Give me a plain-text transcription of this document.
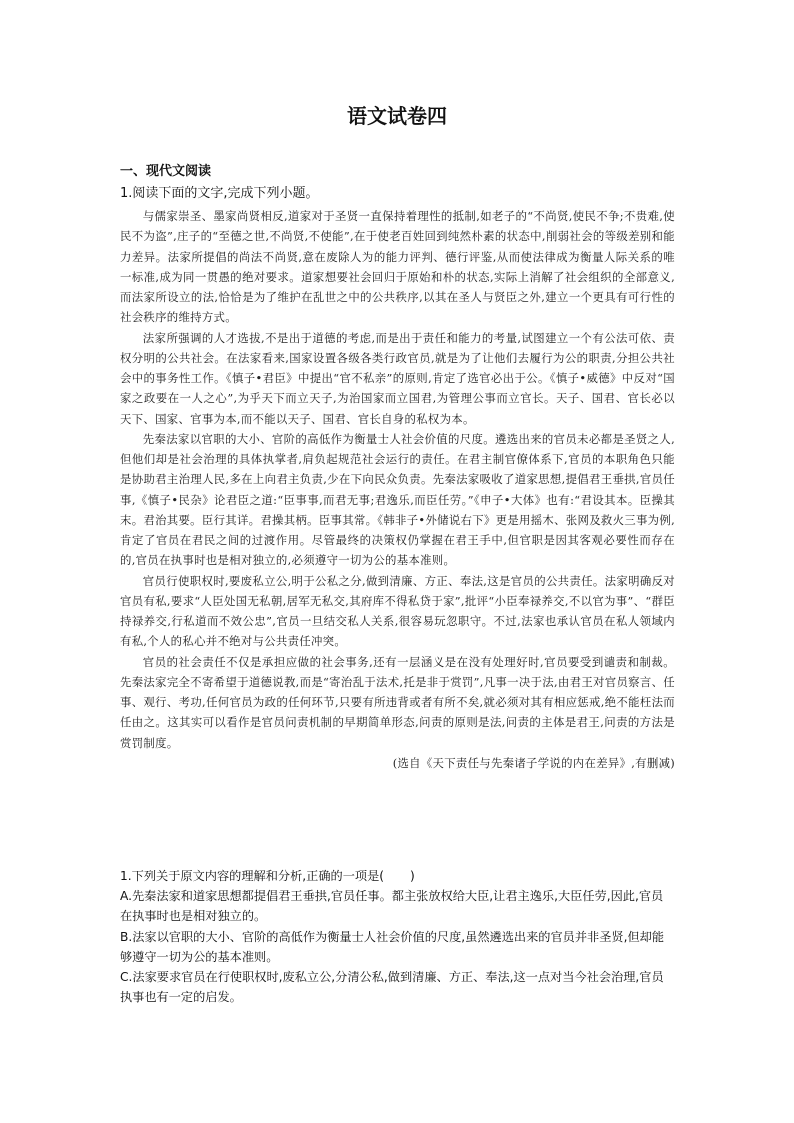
语文试卷四
一、现代文阅读
1.阅读下面的文字,完成下列小题。

与儒家崇圣、墨家尚贤相反,道家对于圣贤一直保持着理性的抵制,如老子的“不尚贤,使民不争;不贵难,使民不为盗”,庄子的“至德之世,不尚贤,不使能”,在于使老百姓回到纯然朴素的状态中,削弱社会的等级差别和能力差异。法家所提倡的尚法不尚贤,意在废除人为的能力评判、德行评鉴,从而使法律成为衡量人际关系的唯一标准,成为同一贯愚的绝对要求。道家想要社会回归于原始和朴的状态,实际上消解了社会组织的全部意义,而法家所设立的法,恰恰是为了维护在乱世之中的公共秩序,以其在圣人与贤臣之外,建立一个更具有可行性的社会秩序的维持方式。

法家所强调的人才选拔,不是出于道德的考虑,而是出于责任和能力的考量,试图建立一个有公法可依、责权分明的公共社会。在法家看来,国家设置各级各类行政官员,就是为了让他们去履行为公的职责,分担公共社会中的事务性工作。《慎子•君臣》中提出“官不私亲”的原则,肯定了选官必出于公。《慎子•威德》中反对“国家之政要在一人之心”,为乎天下而立天子,为治国家而立国君,为管理公事而立官长。天子、国君、官长必以天下、国家、官事为本,而不能以天子、国君、官长自身的私权为本。

先秦法家以官职的大小、官阶的高低作为衡量士人社会价值的尺度。遴选出来的官员未必都是圣贤之人,但他们却是社会治理的具体执掌者,肩负起规范社会运行的责任。在君主制官僚体系下,官员的本职角色只能是协助君主治理人民,多在上向君主负责,少在下向民众负责。先秦法家吸收了道家思想,提倡君王垂拱,官员任事,《慎子•民杂》论君臣之道:“臣事事,而君无事;君逸乐,而臣任劳。”《申子•大体》也有:“君设其本。臣操其末。君治其要。臣行其详。君操其柄。臣事其常。《韩非子•外储说右下》更是用摇木、张网及救火三事为例,肯定了官员在君民之间的过渡作用。尽管最终的决策权仍掌握在君王手中,但官职是因其客观必要性而存在的,官员在执事时也是相对独立的,必须遵守一切为公的基本准则。

官员行使职权时,要废私立公,明于公私之分,做到清廉、方正、奉法,这是官员的公共责任。法家明确反对官员有私,要求“人臣处国无私朝,居军无私交,其府库不得私贷于家”,批评“小臣奉禄养交,不以官为事”、“群臣持禄养交,行私道而不效公忠”,官员一旦结交私人关系,很容易玩忽职守。不过,法家也承认官员在私人领域内有私,个人的私心并不绝对与公共责任冲突。

官员的社会责任不仅是承担应做的社会事务,还有一层涵义是在没有处理好时,官员要受到谴责和制裁。先秦法家完全不寄希望于道德说教,而是“寄治乱于法术,托是非于赏罚”,凡事一决于法,由君王对官员察言、任事、观行、考功,任何官员为政的任何环节,只要有所违背或者有所不矣,就必须对其有相应惩戒,绝不能枉法而任由之。这其实可以看作是官员问责机制的早期简单形态,问责的原则是法,问责的主体是君王,问责的方法是赏罚制度。

(选自《天下责任与先秦诸子学说的内在差异》,有删减)
1.下列关于原文内容的理解和分析,正确的一项是( )
A.先秦法家和道家思想都提倡君王垂拱,官员任事。都主张放权给大臣,让君主逸乐,大臣任劳,因此,官员在执事时也是相对独立的。
B.法家以官职的大小、官阶的高低作为衡量士人社会价值的尺度,虽然遴选出来的官员并非圣贤,但却能够遵守一切为公的基本准则。
C.法家要求官员在行使职权时,废私立公,分清公私,做到清廉、方正、奉法,这一点对当今社会治理,官员执事也有一定的启发。
